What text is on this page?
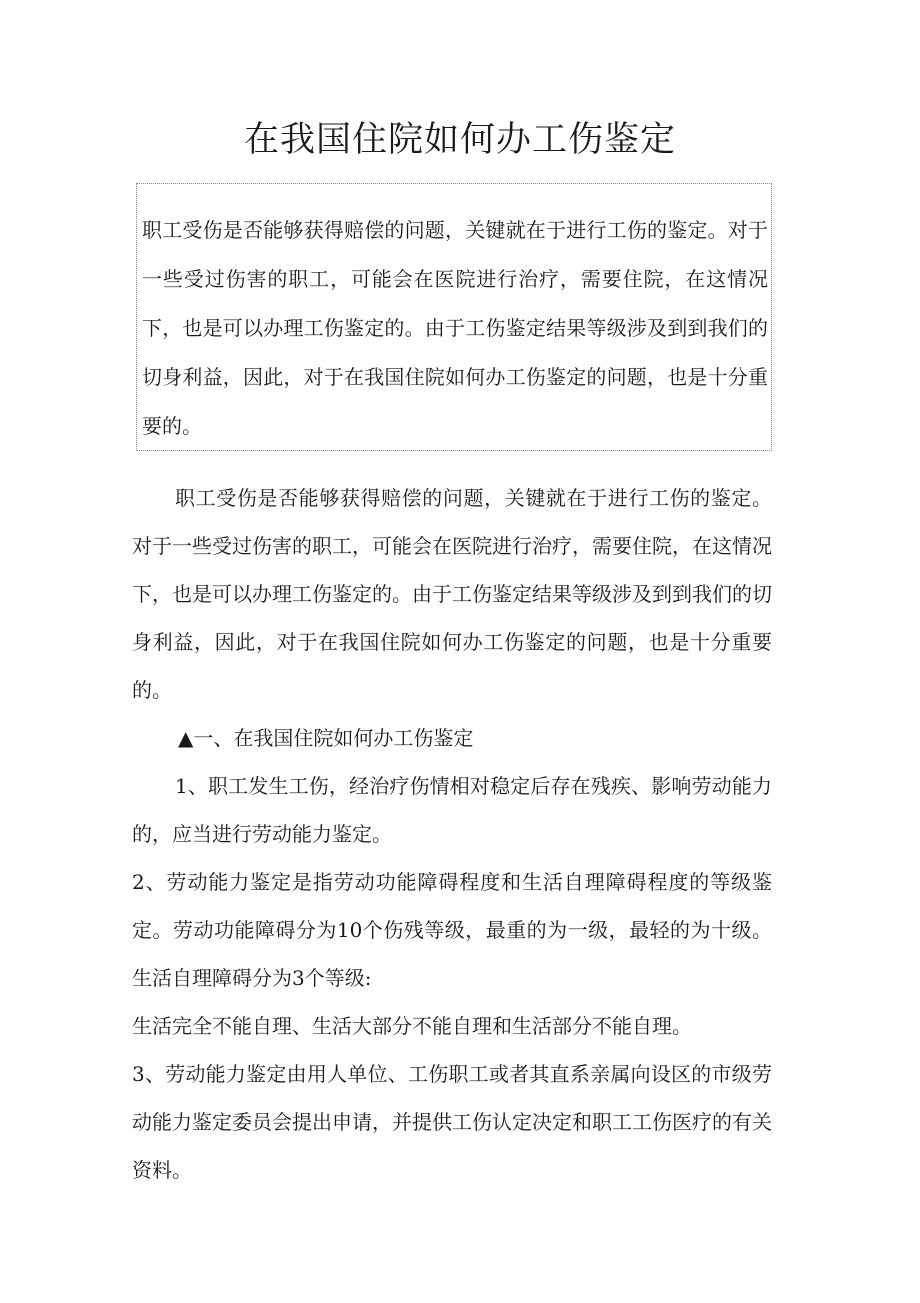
在我国住院如何办工伤鉴定

职工受伤是否能够获得赔偿的问题，关键就在于进行工伤的鉴定。对于一些受过伤害的职工，可能会在医院进行治疗，需要住院，在这情况下，也是可以办理工伤鉴定的。由于工伤鉴定结果等级涉及到到我们的切身利益，因此，对于在我国住院如何办工伤鉴定的问题，也是十分重要的。

职工受伤是否能够获得赔偿的问题，关键就在于进行工伤的鉴定。对于一些受过伤害的职工，可能会在医院进行治疗，需要住院，在这情况下，也是可以办理工伤鉴定的。由于工伤鉴定结果等级涉及到到我们的切身利益，因此，对于在我国住院如何办工伤鉴定的问题，也是十分重要的。

▲一、在我国住院如何办工伤鉴定

1、职工发生工伤，经治疗伤情相对稳定后存在残疾、影响劳动能力的，应当进行劳动能力鉴定。

2、劳动能力鉴定是指劳动功能障碍程度和生活自理障碍程度的等级鉴定。劳动功能障碍分为10个伤残等级，最重的为一级，最轻的为十级。生活自理障碍分为3个等级:

生活完全不能自理、生活大部分不能自理和生活部分不能自理。

3、劳动能力鉴定由用人单位、工伤职工或者其直系亲属向设区的市级劳动能力鉴定委员会提出申请，并提供工伤认定决定和职工工伤医疗的有关资料。
